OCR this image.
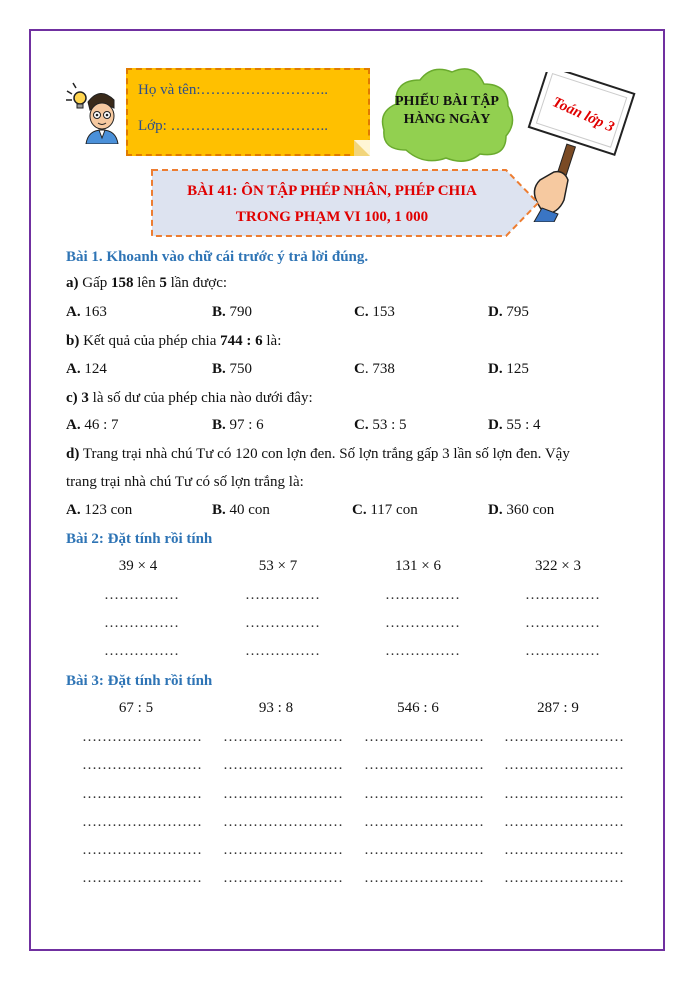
Họ và tên:……………………..
Lớp: …………………………..
PHIẾU BÀI TẬP
HÀNG NGÀY	Toán lớp 3
BÀI 41: ÔN TẬP PHÉP NHÂN, PHÉP CHIA
TRONG PHẠM VI 100, 1 000
Bài 1. Khoanh vào chữ cái trước ý trả lời đúng.
a) Gấp 158 lên 5 lần được:
A. 163	B. 790	C. 153	D. 795
b) Kết quả của phép chia 744 : 6 là:
A. 124	B. 750	C. 738	D. 125
c) 3 là số dư của phép chia nào dưới đây:
A. 46 : 7	B. 97 : 6	C. 53 : 5	D. 55 : 4
d) Trang trại nhà chú Tư có 120 con lợn đen. Số lợn trắng gấp 3 lần số lợn đen. Vậy
trang trại nhà chú Tư có số lợn trắng là:
A. 123 con	B. 40 con	C. 117 con	D. 360 con
Bài 2: Đặt tính rồi tính
39 × 4	53 × 7	131 × 6	322 × 3
……………	……………	……………	……………
……………	……………	……………	……………
……………	……………	……………	……………
Bài 3: Đặt tính rồi tính
67 : 5	93 : 8	546 : 6	287 : 9
…………………… …………………… …………………… ……………………
…………………… …………………… …………………… ……………………
…………………… …………………… …………………… ……………………
…………………… …………………… …………………… ……………………
…………………… …………………… …………………… ……………………
…………………… …………………… …………………… ……………………
